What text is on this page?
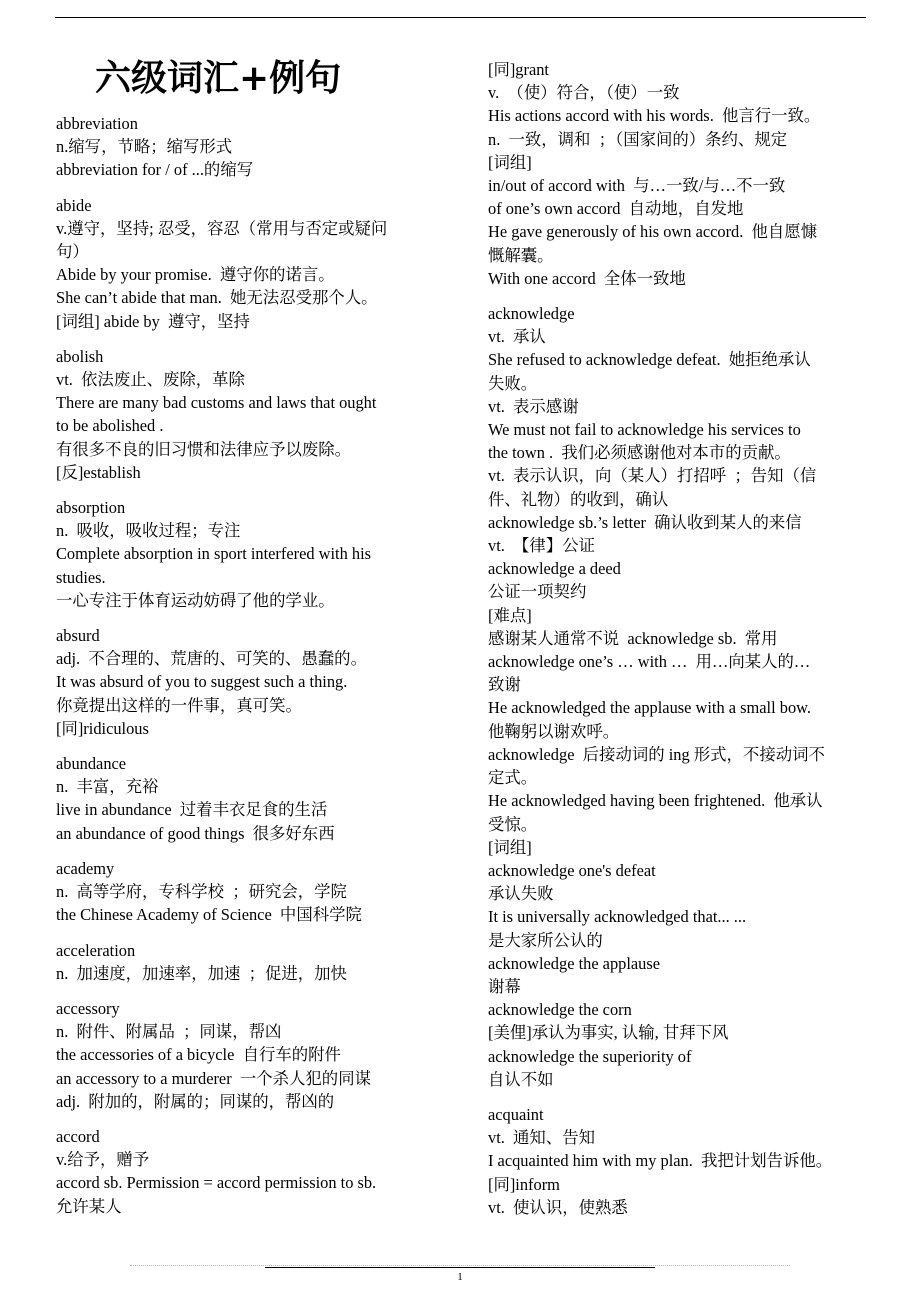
六级词汇+例句
abbreviation
n.缩写，节略；缩写形式
abbreviation for / of ...的缩写
abide
v.遵守，坚持; 忍受，容忍（常用与否定或疑问
句）
Abide by your promise.  遵守你的诺言。
She can’t abide that man.  她无法忍受那个人。
[词组] abide by  遵守，坚持
abolish
vt.  依法废止、废除，革除
There are many bad customs and laws that ought
to be abolished .
有很多不良的旧习惯和法律应予以废除。
[反]establish
absorption
n.  吸收，吸收过程；专注
Complete absorption in sport interfered with his
studies.
一心专注于体育运动妨碍了他的学业。
absurd
adj.  不合理的、荒唐的、可笑的、愚蠢的。
It was absurd of you to suggest such a thing.
你竟提出这样的一件事，真可笑。
[同]ridiculous
abundance
n.  丰富，充裕
live in abundance  过着丰衣足食的生活
an abundance of good things  很多好东西
academy
n.  高等学府，专科学校  ；研究会，学院
the Chinese Academy of Science  中国科学院
acceleration
n.  加速度，加速率，加速  ；促进，加快
accessory
n.  附件、附属品  ；同谋，帮凶
the accessories of a bicycle  自行车的附件
an accessory to a murderer  一个杀人犯的同谋
adj.  附加的，附属的；同谋的，帮凶的
accord
v.给予，赠予
accord sb. Permission = accord permission to sb.
允许某人
[同]grant
v.  （使）符合，（使）一致
His actions accord with his words.  他言行一致。
n.  一致，调和  ；（国家间的）条约、规定
[词组]
in/out of accord with  与…一致/与…不一致
of one’s own accord  自动地，自发地
He gave generously of his own accord.  他自愿慷
慨解囊。
With one accord  全体一致地
acknowledge
vt.  承认
She refused to acknowledge defeat.  她拒绝承认
失败。
vt.  表示感谢
We must not fail to acknowledge his services to
the town .  我们必须感谢他对本市的贡献。
vt.  表示认识，向（某人）打招呼  ；告知（信
件、礼物）的收到，确认
acknowledge sb.’s letter  确认收到某人的来信
vt.  【律】公证
acknowledge a deed
公证一项契约
[难点]
感谢某人通常不说  acknowledge sb.  常用
acknowledge one’s … with …  用…向某人的…
致谢
He acknowledged the applause with a small bow.
他鞠躬以谢欢呼。
acknowledge  后接动词的 ing 形式，不接动词不
定式。
He acknowledged having been frightened.  他承认
受惊。
[词组]
acknowledge one's defeat
承认失败
It is universally acknowledged that... ...
是大家所公认的
acknowledge the applause
谢幕
acknowledge the corn
[美俚]承认为事实, 认输, 甘拜下风
acknowledge the superiority of
自认不如
acquaint
vt.  通知、告知
I acquainted him with my plan.  我把计划告诉他。
[同]inform
vt.  使认识，使熟悉
1
